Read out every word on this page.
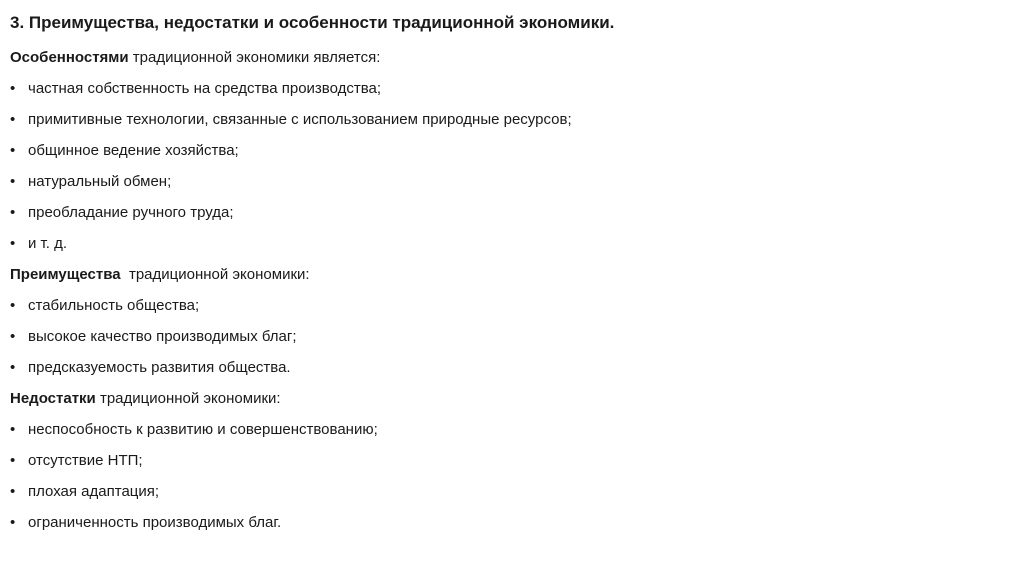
3. Преимущества, недостатки и особенности традиционной экономики.
Особенностями традиционной экономики является:
• частная собственность на средства производства;
• примитивные технологии, связанные с использованием природные ресурсов;
• общинное ведение хозяйства;
• натуральный обмен;
• преобладание ручного труда;
• и т. д.
Преимущества  традиционной экономики:
• стабильность общества;
• высокое качество производимых благ;
• предсказуемость развития общества.
Недостатки традиционной экономики:
• неспособность к развитию и совершенствованию;
• отсутствие НТП;
• плохая адаптация;
• ограниченность производимых благ.
